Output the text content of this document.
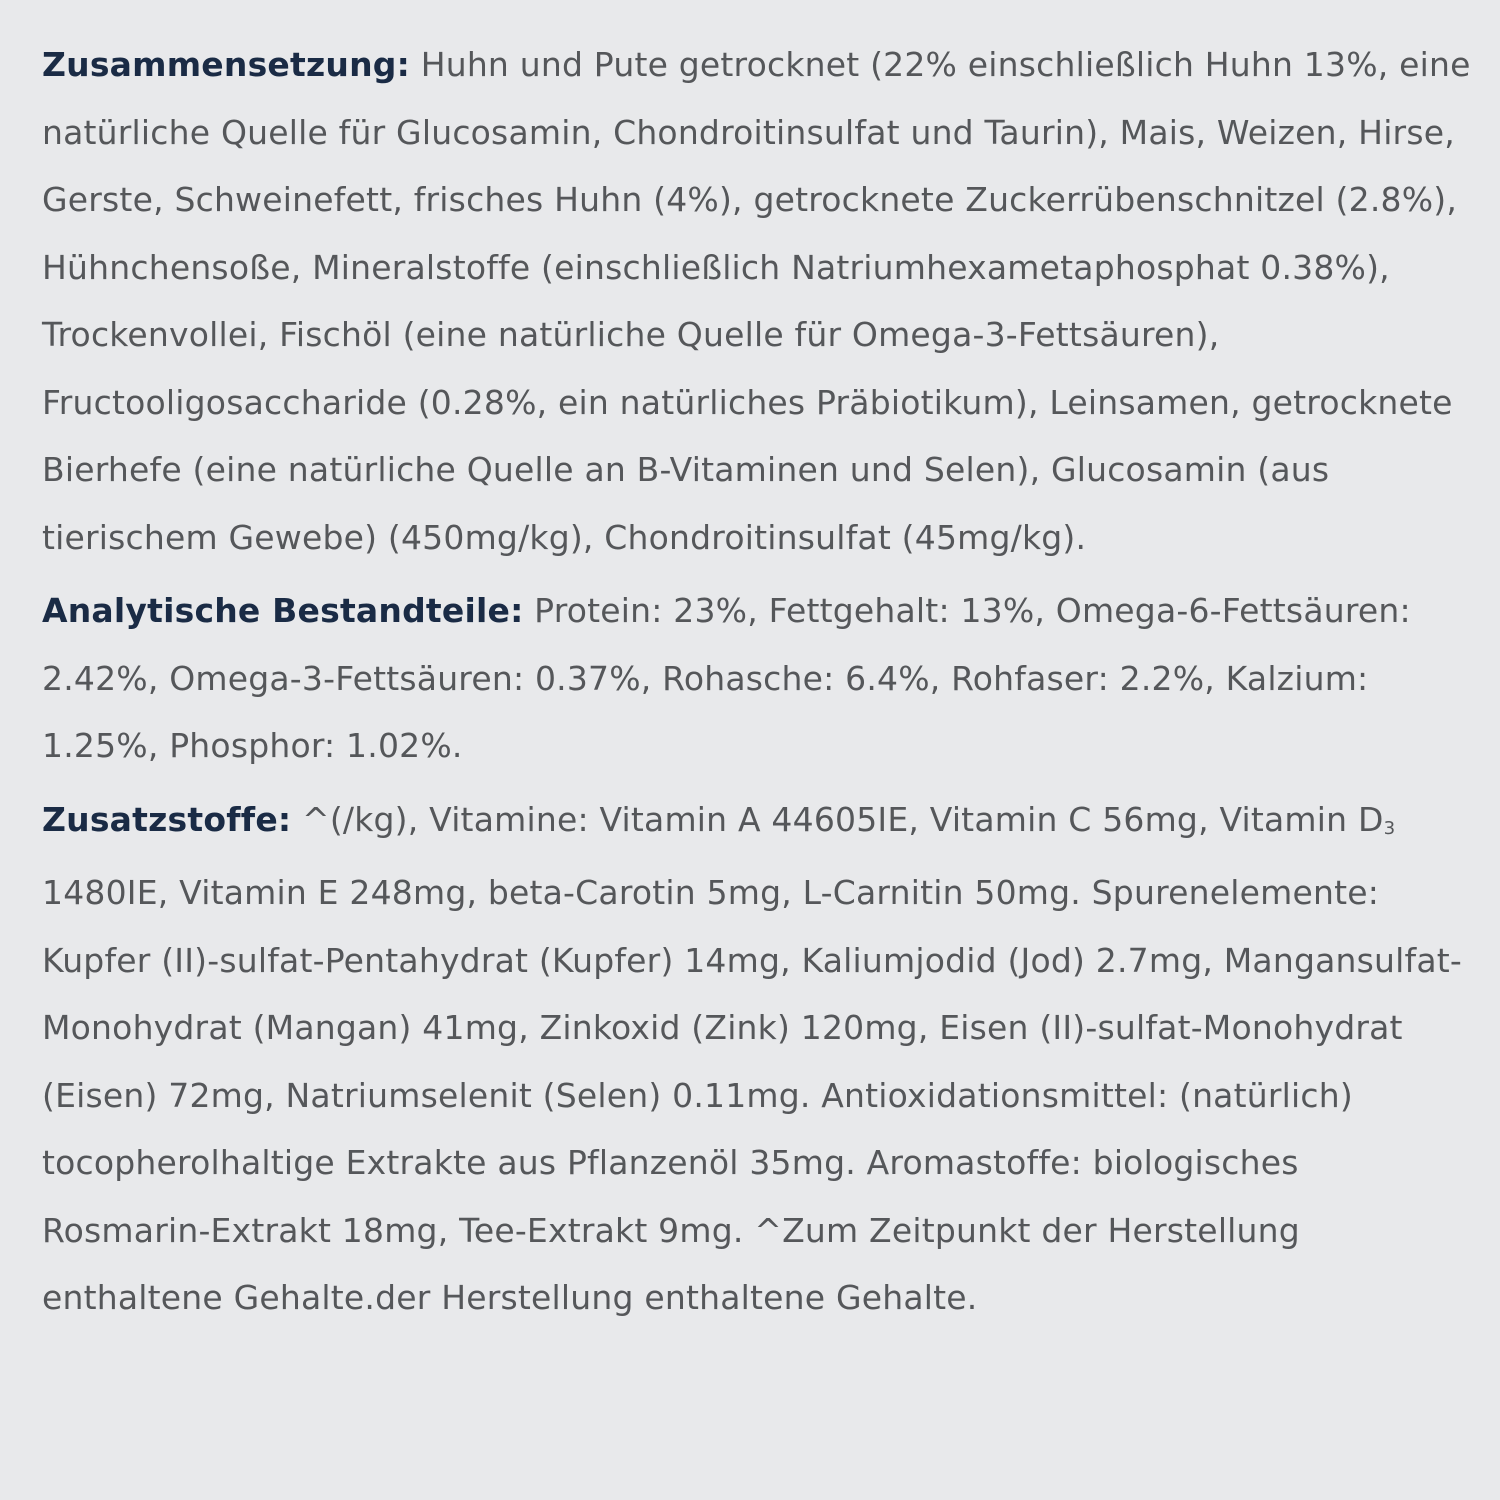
Zusammensetzung: Huhn und Pute getrocknet (22% einschließlich Huhn 13%, eine natürliche Quelle für Glucosamin, Chondroitinsulfat und Taurin), Mais, Weizen, Hirse, Gerste, Schweinefett, frisches Huhn (4%), getrocknete Zuckerrübenschnitzel (2.8%), Hühnchensoße, Mineralstoffe (einschließlich Natriumhexametaphosphat 0.38%), Trockenvollei, Fischöl (eine natürliche Quelle für Omega-3-Fettsäuren), Fructooligosaccharide (0.28%, ein natürliches Präbiotikum), Leinsamen, getrocknete Bierhefe (eine natürliche Quelle an B-Vitaminen und Selen), Glucosamin (aus tierischem Gewebe) (450mg/kg), Chondroitinsulfat (45mg/kg).

Analytische Bestandteile: Protein: 23%, Fettgehalt: 13%, Omega-6-Fettsäuren: 2.42%, Omega-3-Fettsäuren: 0.37%, Rohasche: 6.4%, Rohfaser: 2.2%, Kalzium: 1.25%, Phosphor: 1.02%.

Zusatzstoffe: ^(/kg), Vitamine: Vitamin A 44605IE, Vitamin C 56mg, Vitamin $D_3$ 1480IE, Vitamin E 248mg, beta-Carotin 5mg, L-Carnitin 50mg. Spurenelemente: Kupfer (II)-sulfat-Pentahydrat (Kupfer) 14mg, Kaliumjodid (Jod) 2.7mg, Mangansulfat-Monohydrat (Mangan) 41mg, Zinkoxid (Zink) 120mg, Eisen (II)-sulfat-Monohydrat (Eisen) 72mg, Natriumselenit (Selen) 0.11mg. Antioxidationsmittel: (natürlich) tocopherolhaltige Extrakte aus Pflanzenöl 35mg. Aromastoffe: biologisches Rosmarin-Extrakt 18mg, Tee-Extrakt 9mg. ^Zum Zeitpunkt der Herstellung enthaltene Gehalte.der Herstellung enthaltene Gehalte.
